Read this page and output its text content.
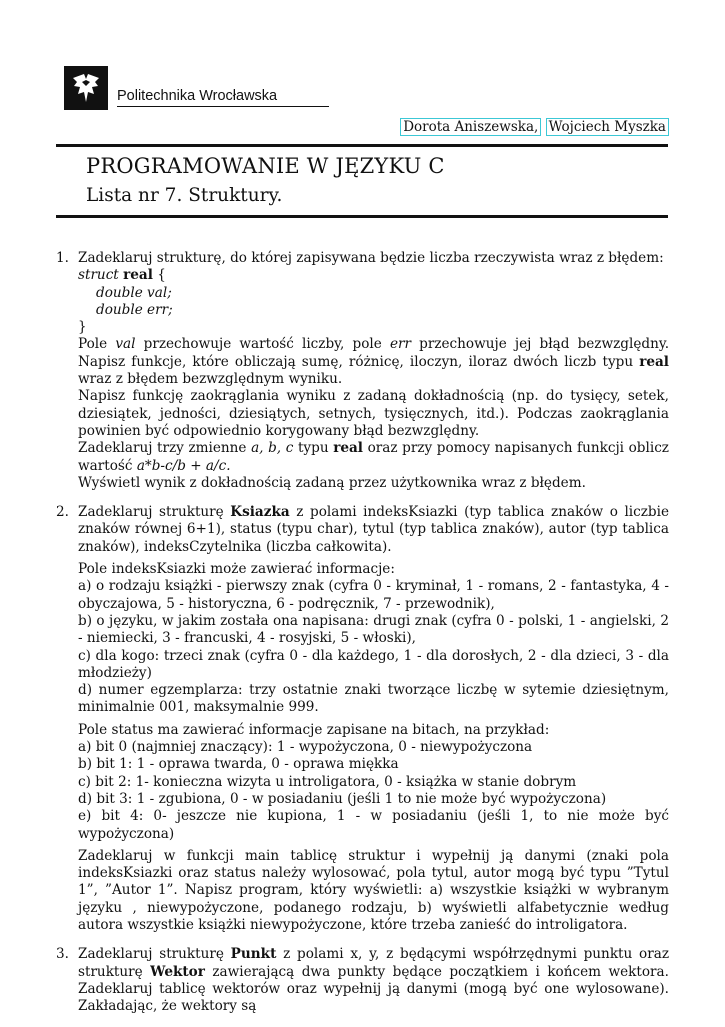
Politechnika Wrocławska
Dorota Aniszewska, Wojciech Myszka
PROGRAMOWANIE W JĘZYKU C
Lista nr 7. Struktury.
1. Zadeklaruj strukturę, do której zapisywana będzie liczba rzeczywista wraz z błędem:

struct real {
double val;
double err;
}

Pole val przechowuje wartość liczby, pole err przechowuje jej błąd bezwzględny. Napisz funkcje, które obliczają sumę, różnicę, iloczyn, iloraz dwóch liczb typu real wraz z błędem bezwzględnym wyniku.

Napisz funkcję zaokrąglania wyniku z zadaną dokładnością (np. do tysięcy, setek, dziesiątek, jedności, dziesiątych, setnych, tysięcznych, itd.). Podczas zaokrąglania powinien być odpowiednio korygowany błąd bezwzględny.

Zadeklaruj trzy zmienne a, b, c typu real oraz przy pomocy napisanych funkcji oblicz wartość a*b-c/b + a/c.

Wyświetl wynik z dokładnością zadaną przez użytkownika wraz z błędem.

2. Zadeklaruj strukturę Ksiazka z polami indeksKsiazki (typ tablica znaków o liczbie znaków równej 6+1), status (typu char), tytul (typ tablica znaków), autor (typ tablica znaków), indeksCzytelnika (liczba całkowita).

Pole indeksKsiazki może zawierać informacje:

a) o rodzaju książki - pierwszy znak (cyfra 0 - kryminał, 1 - romans, 2 - fantastyka, 4 - obyczajowa, 5 - historyczna, 6 - podręcznik, 7 - przewodnik),

b) o języku, w jakim została ona napisana: drugi znak (cyfra 0 - polski, 1 - angielski, 2 - niemiecki, 3 - francuski, 4 - rosyjski, 5 - włoski),

c) dla kogo: trzeci znak (cyfra 0 - dla każdego, 1 - dla dorosłych, 2 - dla dzieci, 3 - dla młodzieży)

d) numer egzemplarza: trzy ostatnie znaki tworzące liczbę w sytemie dziesiętnym, minimalnie 001, maksymalnie 999.

Pole status ma zawierać informacje zapisane na bitach, na przykład:

a) bit 0 (najmniej znaczący): 1 - wypożyczona, 0 - niewypożyczona

b) bit 1: 1 - oprawa twarda, 0 - oprawa miękka

c) bit 2: 1- konieczna wizyta u introligatora, 0 - książka w stanie dobrym

d) bit 3: 1 - zgubiona, 0 - w posiadaniu (jeśli 1 to nie może być wypożyczona)

e) bit 4: 0- jeszcze nie kupiona, 1 - w posiadaniu (jeśli 1, to nie może być wypożyczona)

Zadeklaruj w funkcji main tablicę struktur i wypełnij ją danymi (znaki pola indeksKsiazki oraz status należy wylosować, pola tytul, autor mogą być typu ”Tytul 1”, ”Autor 1”. Napisz program, który wyświetli: a) wszystkie książki w wybranym języku , niewypożyczone, podanego rodzaju, b) wyświetli alfabetycznie według autora wszystkie książki niewypożyczone, które trzeba zanieść do introligatora.

3. Zadeklaruj strukturę Punkt z polami x, y, z będącymi współrzędnymi punktu oraz strukturę Wektor zawierającą dwa punkty będące początkiem i końcem wektora. Zadeklaruj tablicę wektorów oraz wypełnij ją danymi (mogą być one wylosowane). Zakładając, że wektory są
